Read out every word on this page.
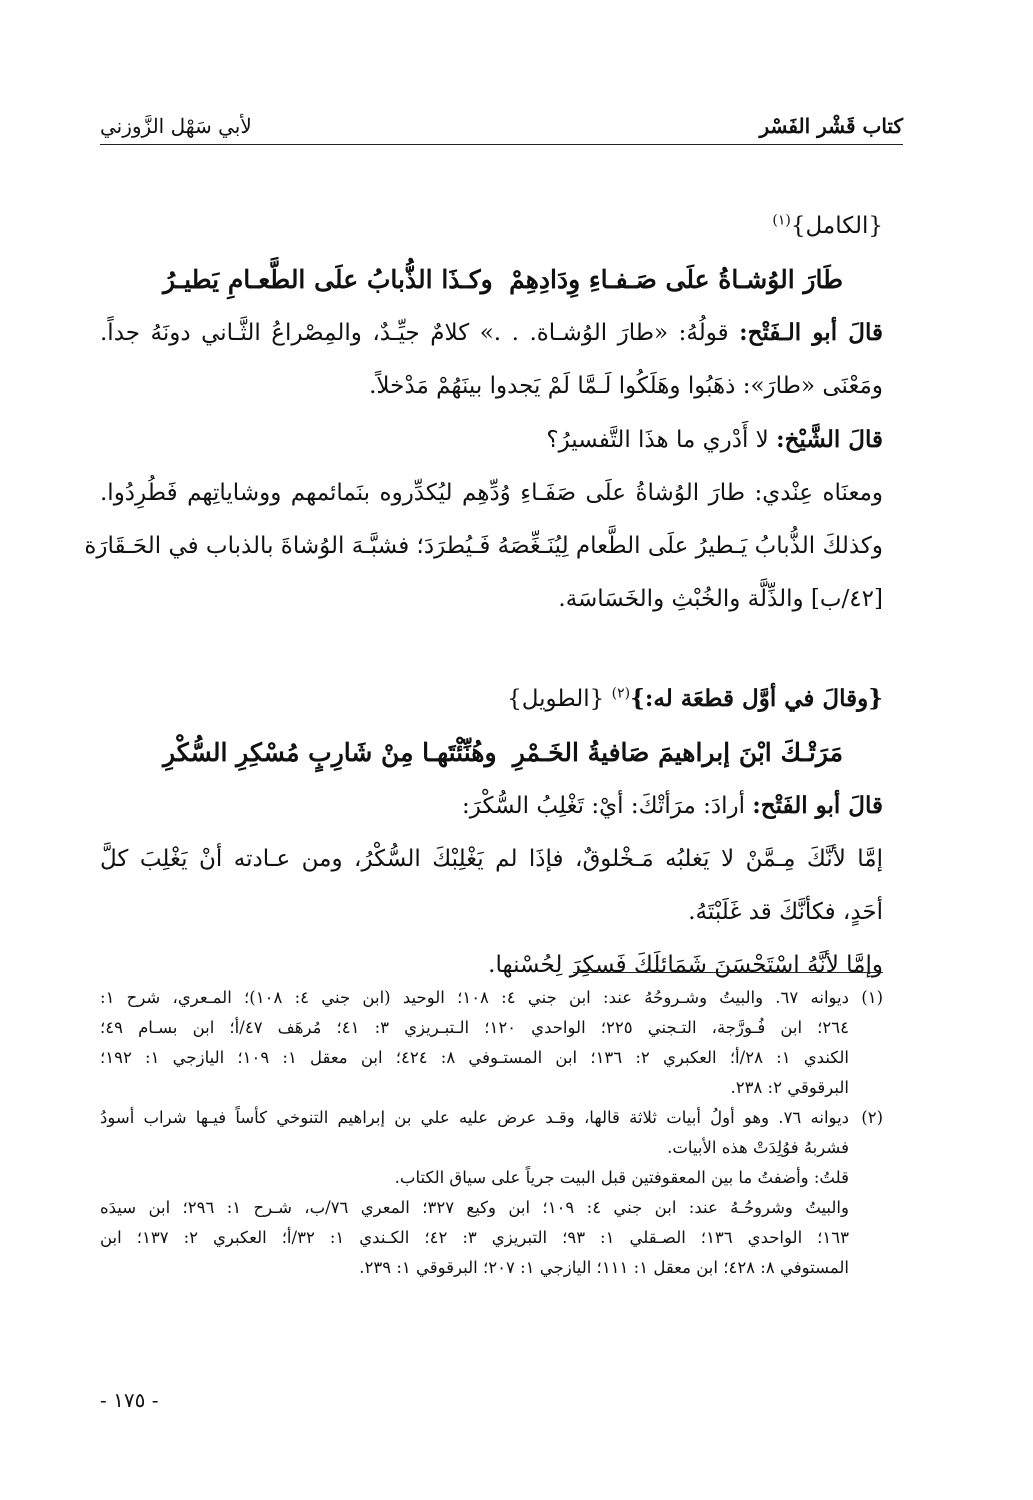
كتاب قَشْر الفَسْر
لأبي سَهْل الزَّوزني
{الكامل}$^{(١)}$
طَارَ الوُشـاةُ علَى صَـفـاءِ وِدَادِهِمْ
وكـذَا الذُّبابُ علَى الطَّعـامِ يَطيـرُ
قالَ أبو الـفَتْح: قولُهُ: «طارَ الوُشـاة. . .» كلامٌ جيِّـدٌ، والمِصْراعُ الثَّـاني دونَهُ جداً.
ومَعْنَى «طارَ»: ذهَبُوا وهَلَكُوا لَـمَّا لَمْ يَجدوا بينَهُمْ مَدْخلاً.
قالَ الشَّيْخ: لا أَدْري ما هذَا التَّفسيرُ؟
ومعنَاه عِنْدي: طارَ الوُشاةُ علَى صَفَـاءِ وُدِّهِم ليُكدِّروه بنَمائمهم ووشاياتِهم فَطُرِدُوا.
وكذلكَ الذُّبابُ يَـطيرُ علَى الطَّعام لِيُنَـغِّصَهُ فَـيُطرَدَ؛ فشبَّـهَ الوُشاةَ بالذباب في الحَـقَارَة
[٤٢/ب] والذِّلَّة والخُبْثِ والخَسَاسَة.
{وقالَ في أوَّل قطعَة له:}$^{(٢)}$ {الطويل}
مَرَتْـكَ ابْنَ إبراهيمَ صَافيةُ الخَـمْرِ
وهُنِّئْتَهـا مِنْ شَارِبٍ مُسْكِرِ السُّكْرِ
قالَ أبو الفَتْح: أرادَ: مرَأتْكَ: أيْ: تَغْلِبُ السُّكْرَ:
إمَّا لأنَّكَ مِـمَّنْ لا يَغلبُه مَـخْلوقٌ، فإذَا لم يَغْلِبْكَ السُّكْرُ، ومن عـادته أنْ يَغْلِبَ كلَّ
أحَدٍ، فكأنَّكَ قد غَلَبْتَهُ.
وإمَّا لأنَّهُ اسْتَحْسَنَ شَمَائلَكَ فَسكِرَ لِحُسْنها.
(١)
ديوانه ٦٧. والبيتُ وشـروحُهُ عند: ابن جني ٤: ١٠٨؛ الوحيد (ابن جني ٤: ١٠٨)؛ المـعري، شرح ١:
٢٦٤؛ ابن فُـورَّجة، التـجني ٢٢٥؛ الواحدي ١٢٠؛ الـتبـريزي ٣: ٤١؛ مُرهَف ٤٧/أ؛ ابن بسـام ٤٩؛
الكندي ١: ٢٨/أ؛ العكبري ٢: ١٣٦؛ ابن المستـوفي ٨: ٤٢٤؛ ابن معقل ١: ١٠٩؛ اليازجي ١: ١٩٢؛
البرقوقي ٢: ٢٣٨.
(٢)
ديوانه ٧٦. وهو أولُ أبيات ثلاثة قالها، وقـد عرض عليه علي بن إبراهيم التنوخي كأساً فيـها شراب أسودُ
فشربهُ فوُلِدَتْ هذه الأبيات.
قلتُ: وأضفتُ ما بين المعقوفتين قبل البيت جرياً على سياق الكتاب.
والبيتُ وشروحُـهُ عند: ابن جني ٤: ١٠٩؛ ابن وكيع ٣٢٧؛ المعري ٧٦/ب، شـرح ١: ٢٩٦؛ ابن سيدَه
١٦٣؛ الواحدي ١٣٦؛ الصـقلي ١: ٩٣؛ التبريزي ٣: ٤٢؛ الكـندي ١: ٣٢/أ؛ العكبري ٢: ١٣٧؛ ابن
المستوفي ٨: ٤٢٨؛ ابن معقل ١: ١١١؛ اليازجي ١: ٢٠٧؛ البرقوقي ١: ٢٣٩.
- ١٧٥ -
